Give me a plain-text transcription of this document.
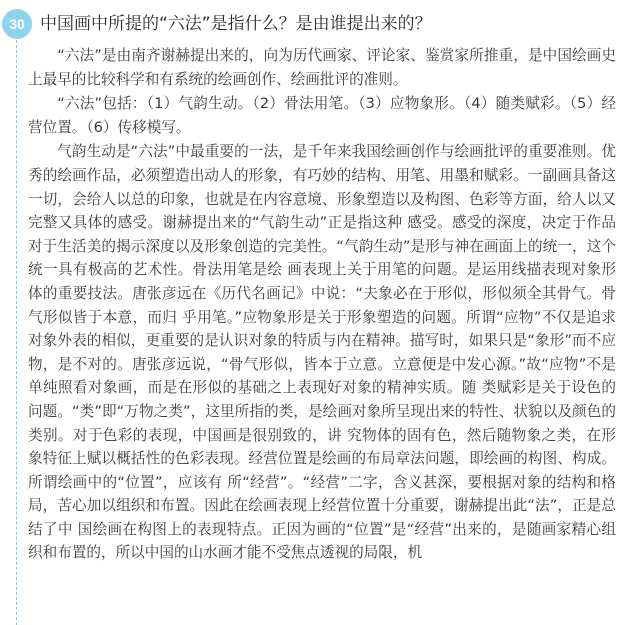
30 中国画中所提的“六法”是指什么？是由谁提出来的？

“六法”是由南齐谢赫提出来的，向为历代画家、评论家、鉴赏家所推重，是中国绘画史上最早的比较科学和有系统的绘画创作、绘画批评的准则。

“六法”包括：（1）气韵生动。（2）骨法用笔。（3）应物象形。（4）随类赋彩。（5）经营位置。（6）传移模写。

气韵生动是“六法”中最重要的一法，是千年来我国绘画创作与绘画批评的重要准则。优秀的绘画作品，必须塑造出动人的形象，有巧妙的结构、用笔、用墨和赋彩。一副画具备这一切，会给人以总的印象，也就是在内容意境、形象塑造以及构图、色彩等方面，给人以又完整又具体的感受。谢赫提出来的“气韵生动”正是指这种 感受。感受的深度，决定于作品对于生活美的揭示深度以及形象创造的完美性。“气韵生动”是形与神在画面上的统一，这个统一具有极高的艺术性。骨法用笔是绘 画表现上关于用笔的问题。是运用线描表现对象形体的重要技法。唐张彦远在《历代名画记》中说：“夫象必在于形似，形似须全其骨气。骨气形似皆于本意，而归 乎用笔。”应物象形是关于形象塑造的问题。所谓“应物”不仅是追求对象外表的相似，更重要的是认识对象的特质与内在精神。描写时，如果只是“象形”而不应 物，是不对的。唐张彦远说，“骨气形似，皆本于立意。立意便是中发心源。”故“应物”不是单纯照看对象画，而是在形似的基础之上表现好对象的精神实质。随 类赋彩是关于设色的问题。“类”即“万物之类”，这里所指的类，是绘画对象所呈现出来的特性、状貌以及颜色的类别。对于色彩的表现，中国画是很别致的，讲 究物体的固有色，然后随物象之类，在形象特征上赋以概括性的色彩表现。经营位置是绘画的布局章法问题，即绘画的构图、构成。所谓绘画中的“位置”，应该有 所“经营”。“经营”二字，含义甚深，要根据对象的结构和格局，苦心加以组织和布置。因此在绘画表现上经营位置十分重要，谢赫提出此“法”，正是总结了中 国绘画在构图上的表现特点。正因为画的“位置”是“经营”出来的，是随画家精心组织和布置的，所以中国的山水画才能不受焦点透视的局限，机
